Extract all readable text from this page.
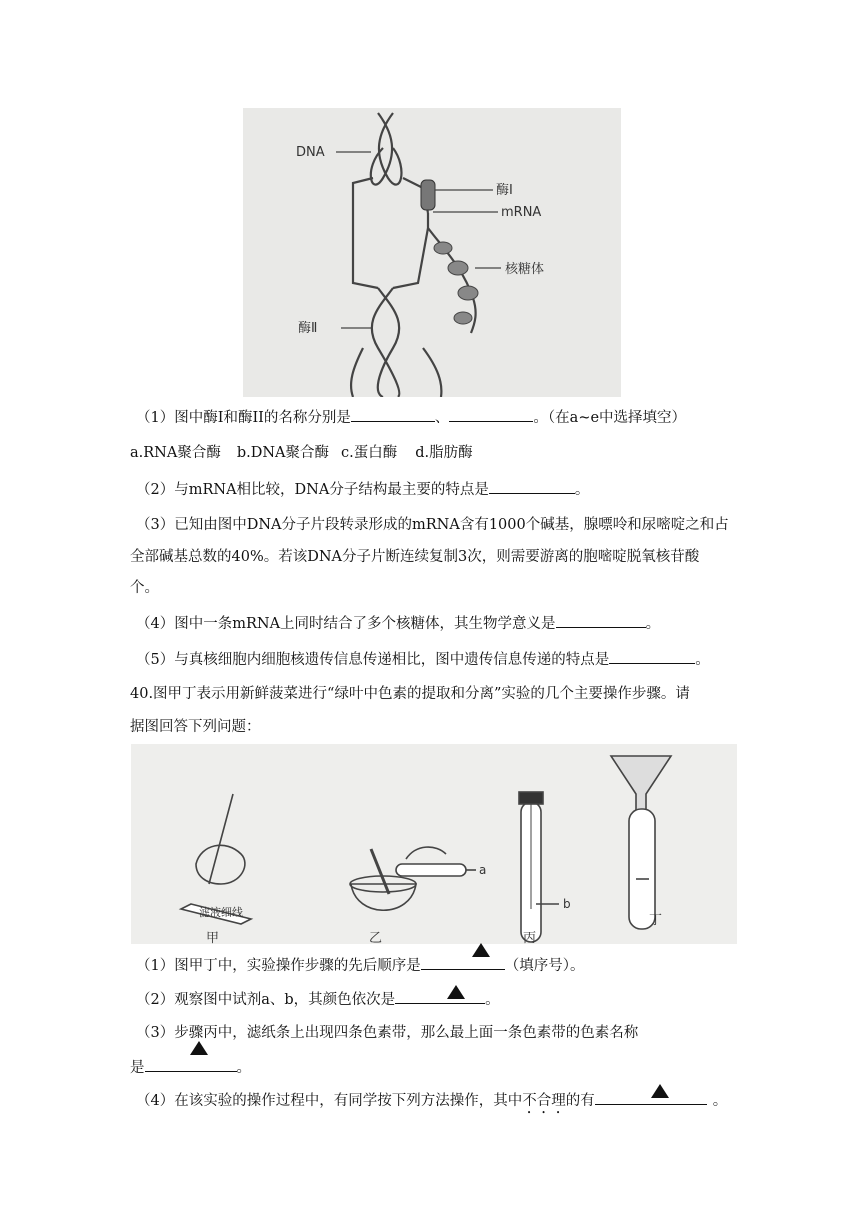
DNA
酶Ⅰ
mRNA
核糖体
酶Ⅱ
（1）图中酶Ⅰ和酶II的名称分别是	、	。（在a~e中选择填空）
a.RNA聚合酶 b.DNA聚合酶 c.蛋白酶 d.脂肪酶
（2）与mRNA相比较，DNA分子结构最主要的特点是	。
（3）已知由图中DNA分子片段转录形成的mRNA含有1000个碱基，腺嘌呤和尿嘧啶之和占
全部碱基总数的40%。若该DNA分子片断连续复制3次，则需要游离的胞嘧啶脱氧核苷酸
个。
（4）图中一条mRNA上同时结合了多个核糖体，其生物学意义是	。
（5）与真核细胞内细胞核遗传信息传递相比，图中遗传信息传递的特点是	。
40.图甲丁表示用新鲜菠菜进行“绿叶中色素的提取和分离”实验的几个主要操作步骤。请
据图回答下列问题：
滤液细线
甲	乙
a
b
丙
丁
（1）图甲丁中，实验操作步骤的先后顺序是	（填序号）。
（2）观察图中试剂a、b，其颜色依次是	。
（3）步骤丙中，滤纸条上出现四条色素带，那么最上面一条色素带的色素名称
是	。
（4）在该实验的操作过程中，有同学按下列方法操作，其中不合理的有	。
